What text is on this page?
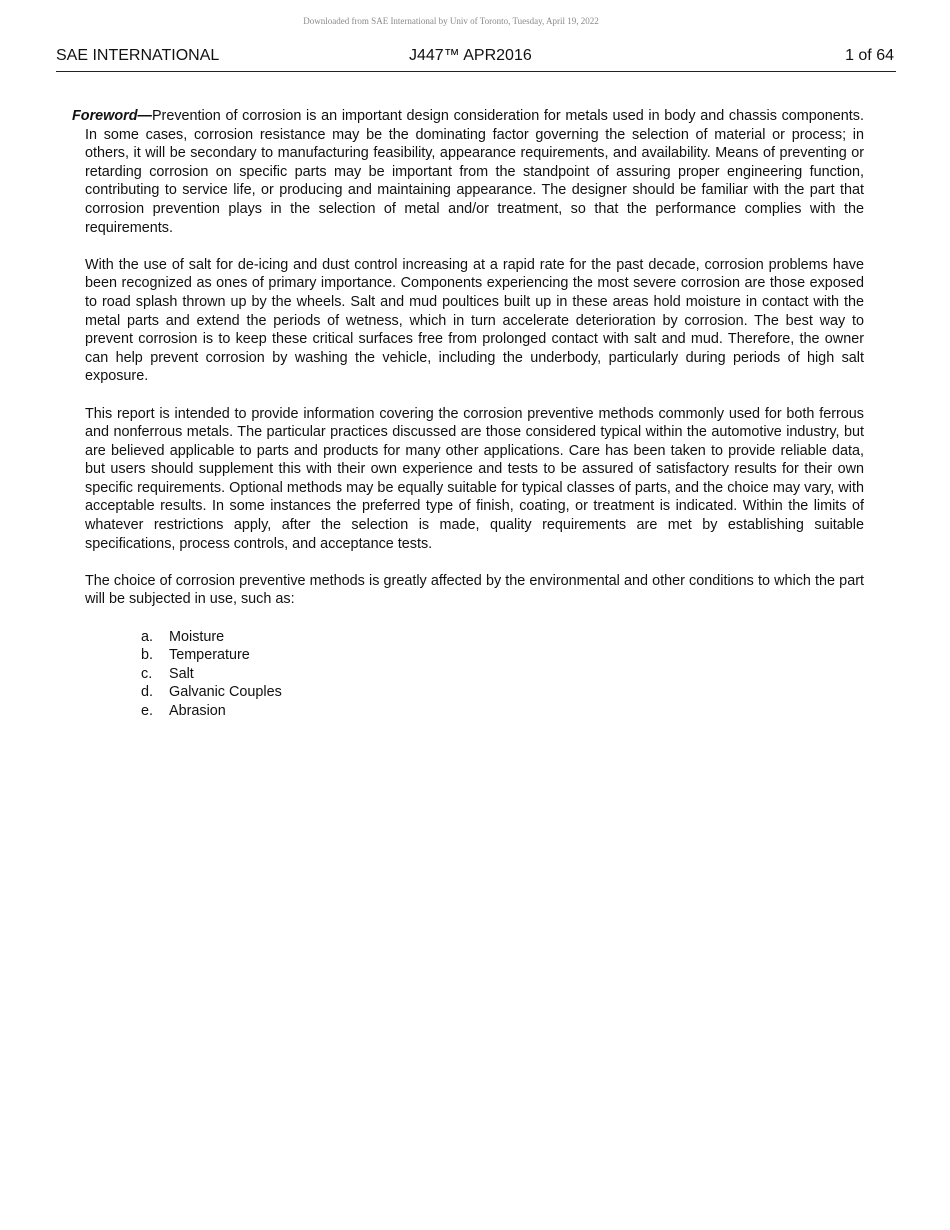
Downloaded from SAE International by Univ of Toronto, Tuesday, April 19, 2022
SAE INTERNATIONAL	J447™ APR2016	1 of 64

Foreword—Prevention of corrosion is an important design consideration for metals used in body and chassis components. In some cases, corrosion resistance may be the dominating factor governing the selection of material or process; in others, it will be secondary to manufacturing feasibility, appearance requirements, and availability. Means of preventing or retarding corrosion on specific parts may be important from the standpoint of assuring proper engineering function, contributing to service life, or producing and maintaining appearance. The designer should be familiar with the part that corrosion prevention plays in the selection of metal and/or treatment, so that the performance complies with the requirements.

With the use of salt for de-icing and dust control increasing at a rapid rate for the past decade, corrosion problems have been recognized as ones of primary importance. Components experiencing the most severe corrosion are those exposed to road splash thrown up by the wheels. Salt and mud poultices built up in these areas hold moisture in contact with the metal parts and extend the periods of wetness, which in turn accelerate deterioration by corrosion. The best way to prevent corrosion is to keep these critical surfaces free from prolonged contact with salt and mud. Therefore, the owner can help prevent corrosion by washing the vehicle, including the underbody, particularly during periods of high salt exposure.

This report is intended to provide information covering the corrosion preventive methods commonly used for both ferrous and nonferrous metals. The particular practices discussed are those considered typical within the automotive industry, but are believed applicable to parts and products for many other applications. Care has been taken to provide reliable data, but users should supplement this with their own experience and tests to be assured of satisfactory results for their own specific requirements. Optional methods may be equally suitable for typical classes of parts, and the choice may vary, with acceptable results. In some instances the preferred type of finish, coating, or treatment is indicated. Within the limits of whatever restrictions apply, after the selection is made, quality requirements are met by establishing suitable specifications, process controls, and acceptance tests.

The choice of corrosion preventive methods is greatly affected by the environmental and other conditions to which the part will be subjected in use, such as:

a.	Moisture
b.	Temperature
c.	Salt
d.	Galvanic Couples
e.	Abrasion
